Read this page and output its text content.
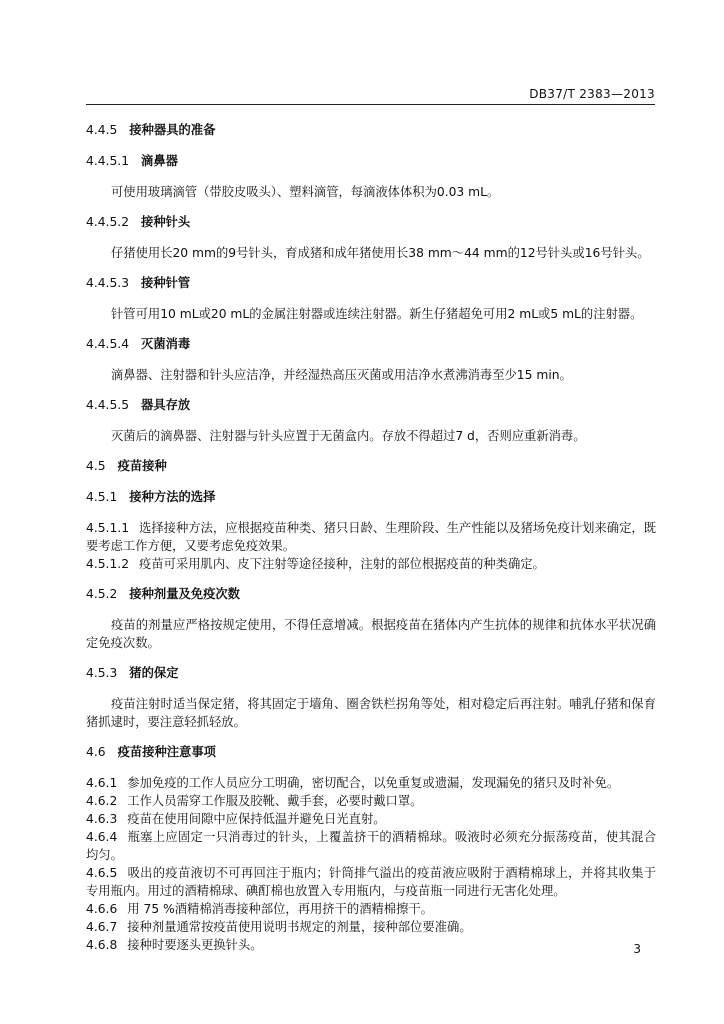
DB37/T 2383—2013

4.4.5 接种器具的准备

4.4.5.1 滴鼻器

可使用玻璃滴管（带胶皮吸头）、塑料滴管，每滴液体体积为0.03 mL。

4.4.5.2 接种针头

仔猪使用长20 mm的9号针头，育成猪和成年猪使用长38 mm～44 mm的12号针头或16号针头。

4.4.5.3 接种针管

针管可用10 mL或20 mL的金属注射器或连续注射器。新生仔猪超免可用2 mL或5 mL的注射器。

4.4.5.4 灭菌消毒

滴鼻器、注射器和针头应洁净，并经湿热高压灭菌或用洁净水煮沸消毒至少15 min。

4.4.5.5 器具存放

灭菌后的滴鼻器、注射器与针头应置于无菌盒内。存放不得超过7 d，否则应重新消毒。

4.5 疫苗接种

4.5.1 接种方法的选择

4.5.1.1 选择接种方法，应根据疫苗种类、猪只日龄、生理阶段、生产性能以及猪场免疫计划来确定，既要考虑工作方便，又要考虑免疫效果。

4.5.1.2 疫苗可采用肌内、皮下注射等途径接种，注射的部位根据疫苗的种类确定。

4.5.2 接种剂量及免疫次数

疫苗的剂量应严格按规定使用，不得任意增减。根据疫苗在猪体内产生抗体的规律和抗体水平状况确定免疫次数。

4.5.3 猪的保定

疫苗注射时适当保定猪，将其固定于墙角、圈舍铁栏拐角等处，相对稳定后再注射。哺乳仔猪和保育猪抓逮时，要注意轻抓轻放。

4.6 疫苗接种注意事项

4.6.1 参加免疫的工作人员应分工明确，密切配合，以免重复或遗漏，发现漏免的猪只及时补免。

4.6.2 工作人员需穿工作服及胶靴、戴手套，必要时戴口罩。

4.6.3 疫苗在使用间隙中应保持低温并避免日光直射。

4.6.4 瓶塞上应固定一只消毒过的针头，上覆盖挤干的酒精棉球。吸液时必须充分振荡疫苗，使其混合均匀。

4.6.5 吸出的疫苗液切不可再回注于瓶内；针筒排气溢出的疫苗液应吸附于酒精棉球上，并将其收集于专用瓶内。用过的酒精棉球、碘酊棉也放置入专用瓶内，与疫苗瓶一同进行无害化处理。

4.6.6 用 75 %酒精棉消毒接种部位，再用挤干的酒精棉擦干。

4.6.7 接种剂量通常按疫苗使用说明书规定的剂量，接种部位要准确。

4.6.8 接种时要逐头更换针头。	3
